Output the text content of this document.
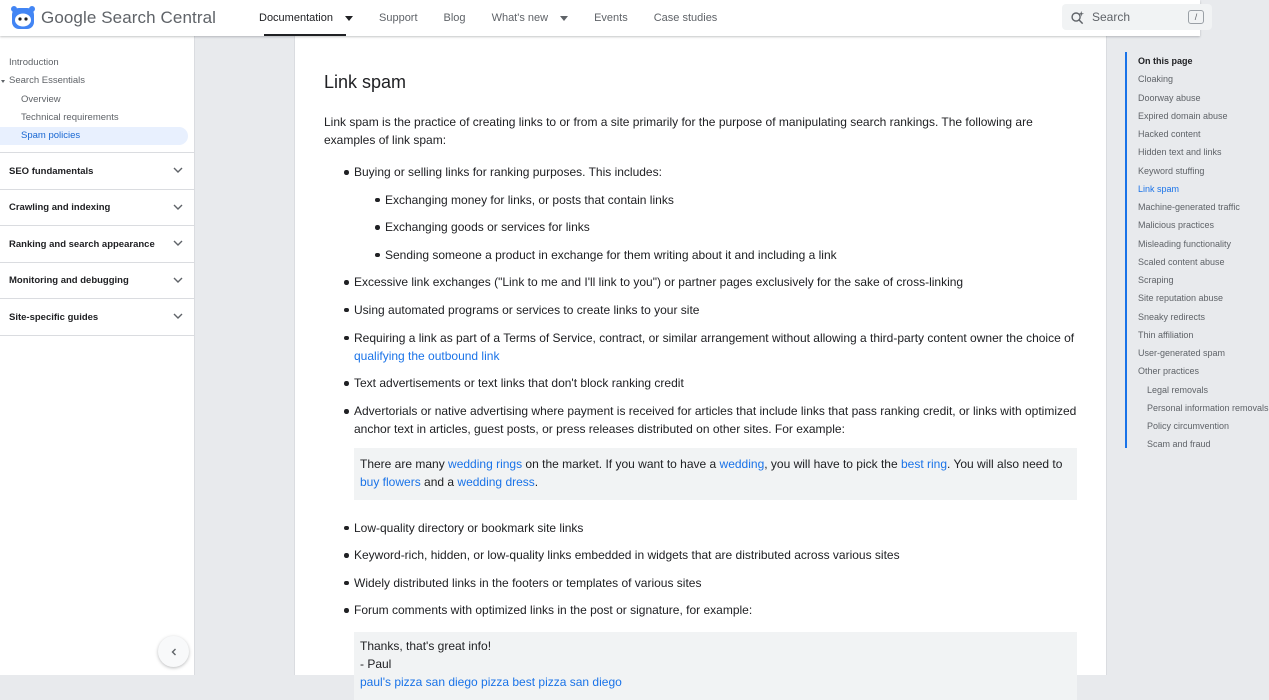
Google Search Central	Documentation	Support Blog What's new	Events Case studies	Search	/
Introduction
Search Essentials
Overview
Technical requirements
Spam policies
SEO fundamentals
Crawling and indexing
Ranking and search appearance
Monitoring and debugging
Site-specific guides
Link spam

Link spam is the practice of creating links to or from a site primarily for the purpose of manipulating search rankings. The following are examples of link spam:

Buying or selling links for ranking purposes. This includes:
Exchanging money for links, or posts that contain links
Exchanging goods or services for links
Sending someone a product in exchange for them writing about it and including a link
Excessive link exchanges ("Link to me and I'll link to you") or partner pages exclusively for the sake of cross-linking
Using automated programs or services to create links to your site
Requiring a link as part of a Terms of Service, contract, or similar arrangement without allowing a third-party content owner the choice of qualifying the outbound link
Text advertisements or text links that don't block ranking credit
Advertorials or native advertising where payment is received for articles that include links that pass ranking credit, or links with optimized anchor text in articles, guest posts, or press releases distributed on other sites. For example:
There are many wedding rings on the market. If you want to have a wedding, you will have to pick the best ring. You will also need to buy flowers and a wedding dress.
Low-quality directory or bookmark site links
Keyword-rich, hidden, or low-quality links embedded in widgets that are distributed across various sites
Widely distributed links in the footers or templates of various sites
Forum comments with optimized links in the post or signature, for example:
Thanks, that's great info!
- Paul
paul's pizza san diego pizza best pizza san diego
On this page
Cloaking
Doorway abuse
Expired domain abuse
Hacked content
Hidden text and links
Keyword stuffing
Link spam
Machine-generated traffic
Malicious practices
Misleading functionality
Scaled content abuse
Scraping
Site reputation abuse
Sneaky redirects
Thin affiliation
User-generated spam
Other practices
Legal removals
Personal information removals
Policy circumvention
Scam and fraud
